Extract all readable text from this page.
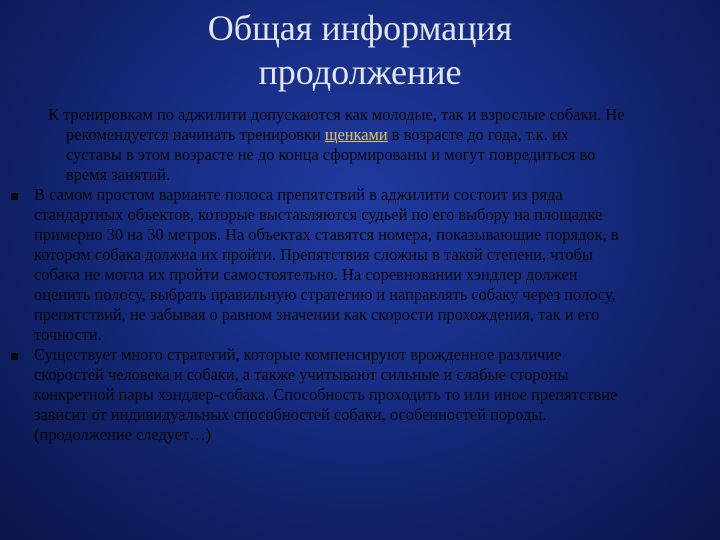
Общая информация
продолжение
К тренировкам по аджилити допускаются как молодые, так и взрослые собаки. Не
рекомендуется начинать тренировки щенками в возрасте до года, т.к. их
суставы в этом возрасте не до конца сформированы и могут повредиться во
время занятий.
В самом простом варианте полоса препятствий в аджилити состоит из ряда
стандартных объектов, которые выставляются судьей по его выбору на площадке
примерно 30 на 30 метров. На объектах ставятся номера, показывающие порядок, в
котором собака должна их пройти. Препятствия сложны в такой степени, чтобы
собака не могла их пройти самостоятельно. На соревновании хэндлер должен
оценить полосу, выбрать правильную стратегию и направлять собаку через полосу,
препятствий, не забывая о равном значении как скорости прохождения, так и его
точности.
Существует много стратегий, которые компенсируют врожденное различие
скоростей человека и собаки, а также учитывают сильные и слабые стороны
конкретной пары хэндлер-собака. Способность проходить то или иное препятствие
зависит от индивидуальных способностей собаки, особенностей породы.
(продолжение следует…)
